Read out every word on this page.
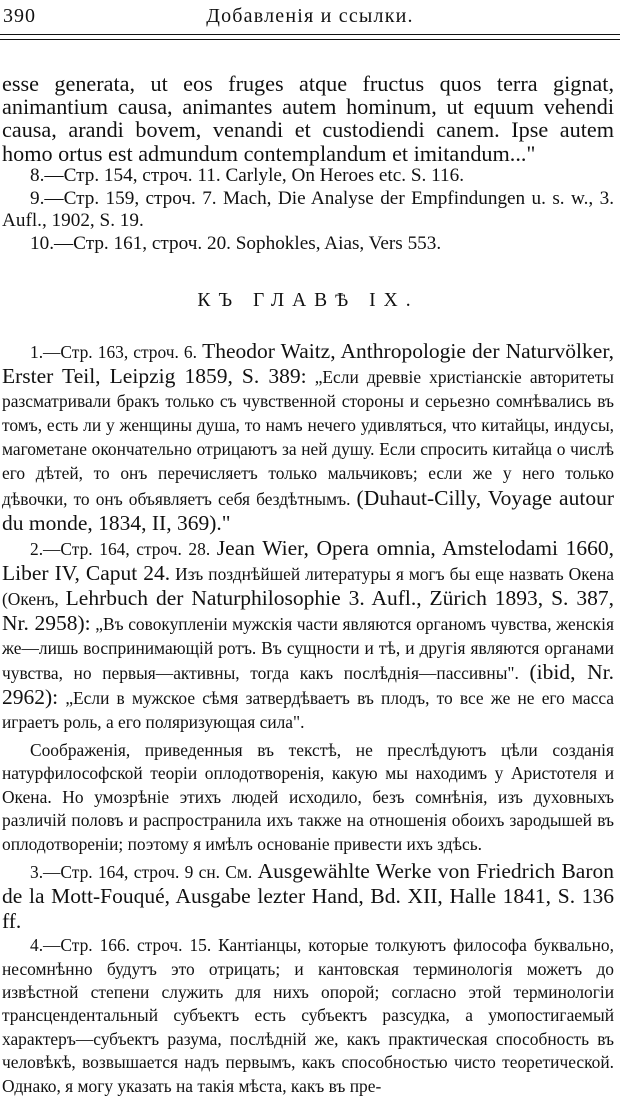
390	Добавленія и ссылки.

esse generata, ut eos fruges atque fructus quos terra gignat, animantium causa, animantes autem hominum, ut equum vehendi causa, arandi bovem, venandi et custodiendi canem. Ipse autem homo ortus est admundum contemplandum et imitandum..."

8.—Стр. 154, строч. 11. Carlyle, On Heroes etc. S. 116.

9.—Стр. 159, строч. 7. Mach, Die Analyse der Empfindungen u. s. w., 3. Aufl., 1902, S. 19.

10.—Стр. 161, строч. 20. Sophokles, Aias, Vers 553.

КЪ ГЛАВѢ IX.

1.—Стр. 163, строч. 6. Theodor Waitz, Anthropologie der Naturvölker, Erster Teil, Leipzig 1859, S. 389: „Если древвіе христіанскіе авторитеты разсматривали бракъ только съ чувственной стороны и серьезно сомнѣвались въ томъ, есть ли у женщины душа, то намъ нечего удивляться, что китайцы, индусы, магометане окончательно отрицаютъ за ней душу. Если спросить китайца о числѣ его дѣтей, то онъ перечисляетъ только мальчиковъ; если же у него только дѣвочки, то онъ объявляетъ себя бездѣтнымъ. (Duhaut-Cilly, Voyage autour du monde, 1834, II, 369)."

2.—Стр. 164, строч. 28. Jean Wier, Opera omnia, Amstelodami 1660, Liber IV, Caput 24. Изъ позднѣйшей литературы я могъ бы еще назвать Окена (Окенъ, Lehrbuch der Naturphilosophie 3. Aufl., Zürich 1893, S. 387, Nr. 2958): „Въ совокупленіи мужскія части являются органомъ чувства, женскія же—лишь воспринимающій ротъ. Въ сущности и тѣ, и другія являются органами чувства, но первыя—активны, тогда какъ послѣднія—пассивны". (ibid, Nr. 2962): „Если в мужское сѣмя затвердѣваетъ въ плодъ, то все же не его масса играетъ роль, а его поляризующая сила".

Соображенія, приведенныя въ текстѣ, не преслѣдуютъ цѣли созданія натурфилософской теоріи оплодотворенія, какую мы находимъ у Аристотеля и Окена. Но умозрѣніе этихъ людей исходило, безъ сомнѣнія, изъ духовныхъ различій половъ и распространила ихъ также на отношенія обоихъ зародышей въ оплодотвореніи; поэтому я имѣлъ основаніе привести ихъ здѣсь.

3.—Стр. 164, строч. 9 сн. См. Ausgewählte Werke von Friedrich Baron de la Mott-Fouqué, Ausgabe lezter Hand, Bd. XII, Halle 1841, S. 136 ff.

4.—Стр. 166. строч. 15. Кантіанцы, которые толкуютъ философа буквально, несомнѣнно будутъ это отрицать; и кантовская терминологія можетъ до извѣстной степени служить для нихъ опорой; согласно этой терминологіи трансцендентальный субъектъ есть субъектъ разсудка, а умопостигаемый характеръ—субъектъ разума, послѣдній же, какъ практическая способность въ человѣкѣ, возвышается надъ первымъ, какъ способностью чисто теоретической. Однако, я могу указать на такія мѣста, какъ въ пре-
